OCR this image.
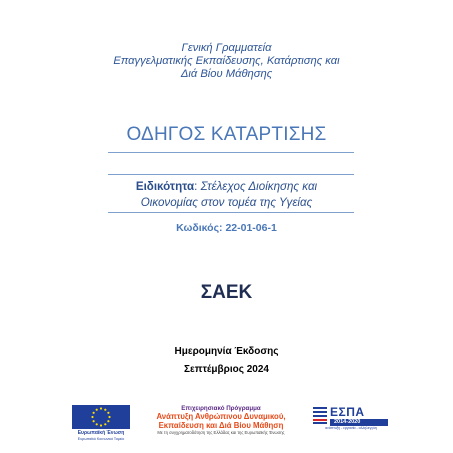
Γενική Γραμματεία
Επαγγελματικής Εκπαίδευσης, Κατάρτισης και
Διά Βίου Μάθησης
ΟΔΗΓΟΣ ΚΑΤΑΡΤΙΣΗΣ
Ειδικότητα: Στέλεχος Διοίκησης και
Οικονομίας στον τομέα της Υγείας
Κωδικός: 22-01-06-1
ΣΑΕΚ
Ημερομηνία Έκδοσης
Σεπτέμβριος 2024
Ευρωπαϊκή Ένωση
Ευρωπαϊκό Κοινωνικό Ταμείο
Επιχειρησιακό Πρόγραμμα
Ανάπτυξη Ανθρώπινου Δυναμικού,
Εκπαίδευση και Διά Βίου Μάθηση
Με τη συγχρηματοδότηση της Ελλάδας και της Ευρωπαϊκής Ένωσης
ΕΣΠΑ
2014-2020
ανάπτυξη - εργασία - αλληλεγγύη
